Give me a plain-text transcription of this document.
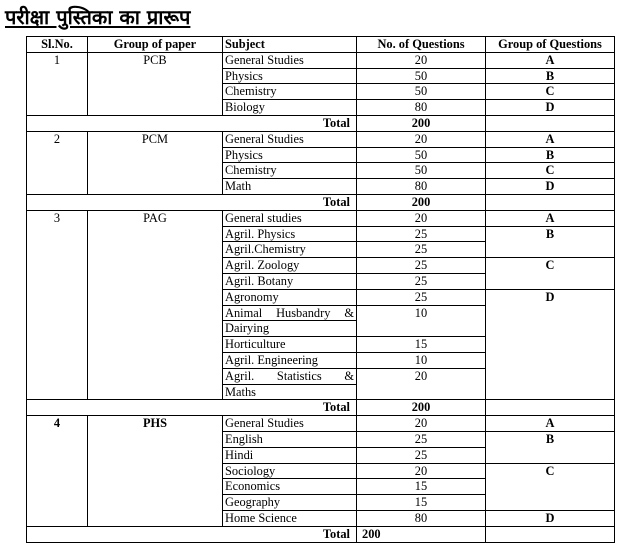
परीक्षा पुस्तिका का प्रारूप
Sl.No.	Group of paper	Subject	No. of Questions	Group of Questions
1	PCB	General Studies	20	A
		Physics	50	B
		Chemistry	50	C
		Biology	80	D
Total			200	
2	PCM	General Studies	20	A
		Physics	50	B
		Chemistry	50	C
		Math	80	D
Total			200	
3	PAG	General studies	20	A
		Agril. Physics	25	B
		Agril.Chemistry	25	
		Agril. Zoology	25	C
		Agril. Botany	25	
		Agronomy	25	D
		Animal Husbandry &	10	
		Dairying		
		Horticulture	15	
		Agril. Engineering	10	
		Agril. Statistics &	20	
		Maths		
Total			200	
4	PHS	General Studies	20	A
		English	25	B
		Hindi	25	
		Sociology	20	C
		Economics	15	
		Geography	15	
		Home Science	80	D
Total			200	
